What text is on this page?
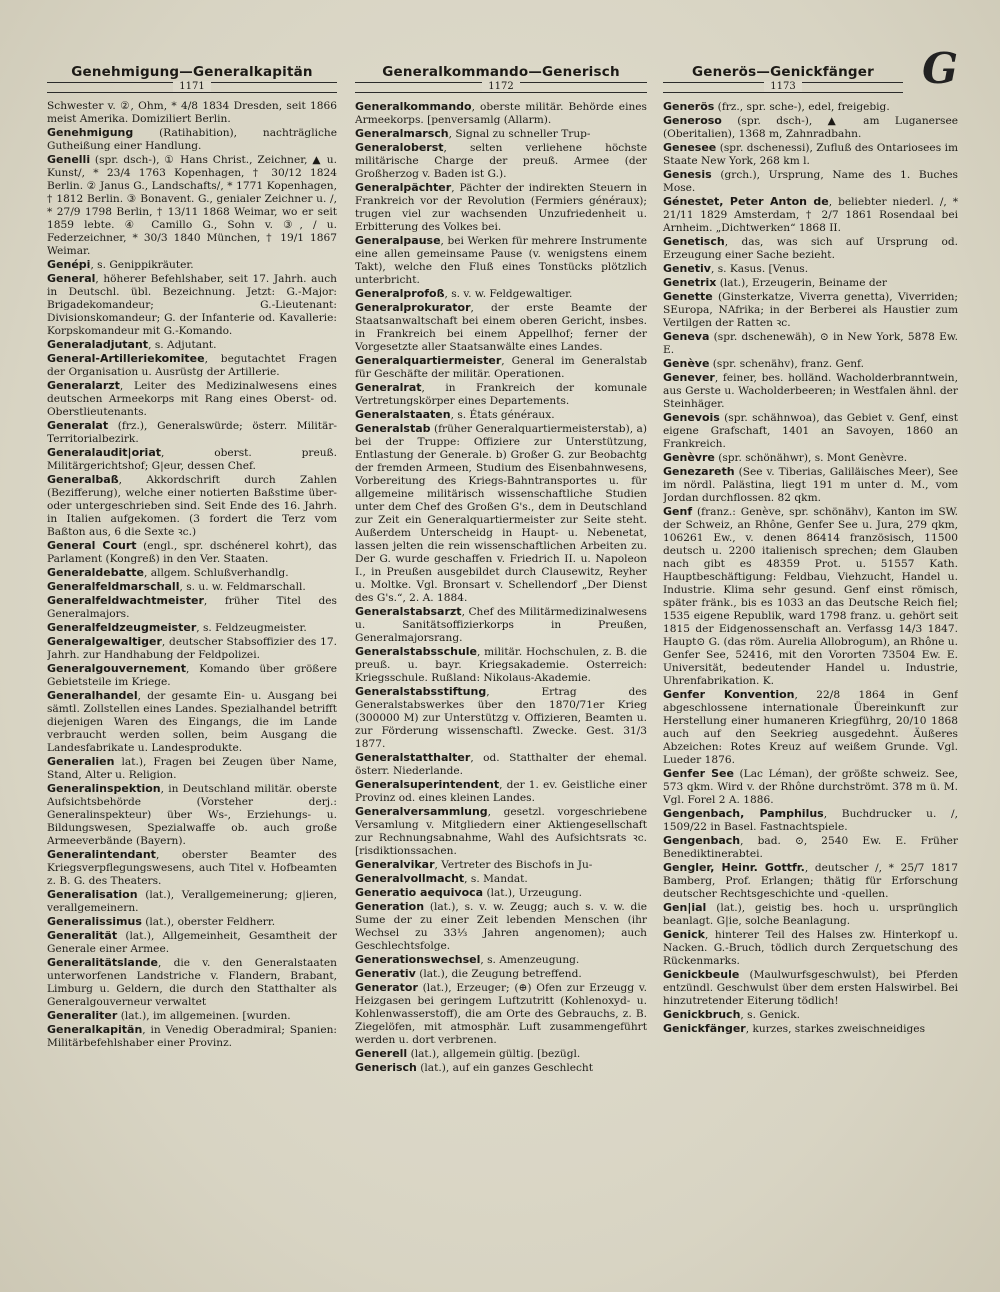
Genehmigung—Generalkapitän
1171
Generalkommando—Generisch
1172
Generös—Genickfänger
1173	G

Schwester v. ②, Ohm, * 4/8 1834 Dresden, seit 1866 meist Amerika. Domiziliert Berlin.

Genehmigung (Ratihabition), nachträgliche Gutheißung einer Handlung.

Genelli (spr. dsch-), ① Hans Christ., Zeichner, ▲ u. Kunst/, * 23/4 1763 Kopenhagen, † 30/12 1824 Berlin. ② Janus G., Landschafts/, * 1771 Kopenhagen, † 1812 Berlin. ③ Bonavent. G., genialer Zeichner u. /, * 27/9 1798 Berlin, † 13/11 1868 Weimar, wo er seit 1859 lebte. ④ Camillo G., Sohn v. ③, / u. Federzeichner, * 30/3 1840 München, † 19/1 1867 Weimar.

Genépi, s. Genippikräuter.

General, höherer Befehlshaber, seit 17. Jahrh. auch in Deutschl. übl. Bezeichnung. Jetzt: G.-Major: Brigadekomandeur; G.-Lieutenant: Divisionskomandeur; G. der Infanterie od. Kavallerie: Korpskomandeur mit G.-Komando.

Generaladjutant, s. Adjutant.

General-Artilleriekomitee, begutachtet Fragen der Organisation u. Ausrüstg der Artillerie.

Generalarzt, Leiter des Medizinalwesens eines deutschen Armeekorps mit Rang eines Oberst- od. Oberstlieutenants.

Generalat (frz.), Generalswürde; österr. Militär-Territorialbezirk.

Generalaudit|oriat, oberst. preuß. Militärgerichtshof; G|eur, dessen Chef.

Generalbaß, Akkordschrift durch Zahlen (Bezifferung), welche einer notierten Baßstime über- oder untergeschrieben sind. Seit Ende des 16. Jahrh. in Italien aufgekomen. (3 fordert die Terz vom Baßton aus, 6 die Sexte ꝛc.)

General Court (engl., spr. dschénerel kohrt), das Parlament (Kongreß) in den Ver. Staaten.

Generaldebatte, allgem. Schlußverhandlg.

Generalfeldmarschall, s. u. w. Feldmarschall.

Generalfeldwachtmeister, früher Titel des Generalmajors.

Generalfeldzeugmeister, s. Feldzeugmeister.

Generalgewaltiger, deutscher Stabsoffizier des 17. Jahrh. zur Handhabung der Feldpolizei.

Generalgouvernement, Komando über größere Gebietsteile im Kriege.

Generalhandel, der gesamte Ein- u. Ausgang bei sämtl. Zollstellen eines Landes. Spezialhandel betrifft diejenigen Waren des Eingangs, die im Lande verbraucht werden sollen, beim Ausgang die Landesfabrikate u. Landesprodukte.

Generalien lat.), Fragen bei Zeugen über Name, Stand, Alter u. Religion.

Generalinspektion, in Deutschland militär. oberste Aufsichtsbehörde (Vorsteher derj.: Generalinspekteur) über Ws-, Erziehungs- u. Bildungswesen, Spezialwaffe ob. auch große Armeeverbände (Bayern).

Generalintendant, oberster Beamter des Kriegsverpflegungswesens, auch Titel v. Hofbeamten z. B. G. des Theaters.

Generalisation (lat.), Verallgemeinerung; g|ieren, verallgemeinern.

Generalissimus (lat.), oberster Feldherr.

Generalität (lat.), Allgemeinheit, Gesamtheit der Generale einer Armee.

Generalitätslande, die v. den Generalstaaten unterworfenen Landstriche v. Flandern, Brabant, Limburg u. Geldern, die durch den Statthalter als Generalgouverneur verwaltet

Generaliter (lat.), im allgemeinen. [wurden.

Generalkapitän, in Venedig Oberadmiral; Spanien: Militärbefehlshaber einer Provinz.

Generalkommando, oberste militär. Behörde eines Armeekorps. [penversamlg (Allarm).

Generalmarsch, Signal zu schneller Trup-

Generaloberst, selten verliehene höchste militärische Charge der preuß. Armee (der Großherzog v. Baden ist G.).

Generalpächter, Pächter der indirekten Steuern in Frankreich vor der Revolution (Fermiers généraux); trugen viel zur wachsenden Unzufriedenheit u. Erbitterung des Volkes bei.

Generalpause, bei Werken für mehrere Instrumente eine allen gemeinsame Pause (v. wenigstens einem Takt), welche den Fluß eines Tonstücks plötzlich unterbricht.

Generalprofoß, s. v. w. Feldgewaltiger.

Generalprokurator, der erste Beamte der Staatsanwaltschaft bei einem oberen Gericht, insbes. in Frankreich bei einem Appellhof; ferner der Vorgesetzte aller Staatsanwälte eines Landes.

Generalquartiermeister, General im Generalstab für Geschäfte der militär. Operationen.

Generalrat, in Frankreich der komunale Vertretungskörper eines Departements.

Generalstaaten, s. États généraux.

Generalstab (früher Generalquartiermeisterstab), a) bei der Truppe: Offiziere zur Unterstützung, Entlastung der Generale. b) Großer G. zur Beobachtg der fremden Armeen, Studium des Eisenbahnwesens, Vorbereitung des Kriegs-Bahntransportes u. für allgemeine militärisch wissenschaftliche Studien unter dem Chef des Großen G's., dem in Deutschland zur Zeit ein Generalquartiermeister zur Seite steht. Außerdem Unterscheidg in Haupt- u. Nebenetat, lassen jelten die rein wissenschaftlichen Arbeiten zu. Der G. wurde geschaffen v. Friedrich II. u. Napoleon I., in Preußen ausgebildet durch Clausewitz, Reyher u. Moltke. Vgl. Bronsart v. Schellendorf „Der Dienst des G's.“, 2. A. 1884.

Generalstabsarzt, Chef des Militärmedizinalwesens u. Sanitätsoffizierkorps in Preußen, Generalmajorsrang.

Generalstabsschule, militär. Hochschulen, z. B. die preuß. u. bayr. Kriegsakademie. Osterreich: Kriegsschule. Rußland: Nikolaus-Akademie.

Generalstabsstiftung, Ertrag des Generalstabswerkes über den 1870/71er Krieg (300000 M) zur Unterstützg v. Offizieren, Beamten u. zur Förderung wissenschaftl. Zwecke. Gest. 31/3 1877.

Generalstatthalter, od. Statthalter der ehemal. österr. Niederlande.

Generalsuperintendent, der 1. ev. Geistliche einer Provinz od. eines kleinen Landes.

Generalversammlung, gesetzl. vorgeschriebene Versamlung v. Mitgliedern einer Aktiengesellschaft zur Rechnungsabnahme, Wahl des Aufsichtsrats ꝛc. [risdiktionssachen.

Generalvikar, Vertreter des Bischofs in Ju-

Generalvollmacht, s. Mandat.

Generatio aequivoca (lat.), Urzeugung.

Generation (lat.), s. v. w. Zeugg; auch s. v. w. die Sume der zu einer Zeit lebenden Menschen (ihr Wechsel zu 33⅓ Jahren angenomen); auch Geschlechtsfolge.

Generationswechsel, s. Amenzeugung.

Generativ (lat.), die Zeugung betreffend.

Generator (lat.), Erzeuger; (⊕) Ofen zur Erzeugg v. Heizgasen bei geringem Luftzutritt (Kohlenoxyd- u. Kohlenwasserstoff), die am Orte des Gebrauchs, z. B. Ziegelöfen, mit atmosphär. Luft zusammengeführt werden u. dort verbrenen.

Generell (lat.), allgemein gültig. [bezügl.

Generisch (lat.), auf ein ganzes Geschlecht

Generös (frz., spr. sche-), edel, freigebig.

Generoso (spr. dsch-), ▲ am Luganersee (Oberitalien), 1368 m, Zahnradbahn.

Genesee (spr. dschenessi), Zufluß des Ontariosees im Staate New York, 268 km l.

Genesis (grch.), Ursprung, Name des 1. Buches Mose.

Génestet, Peter Anton de, beliebter niederl. /, * 21/11 1829 Amsterdam, † 2/7 1861 Rosendaal bei Arnheim. „Dichtwerken“ 1868 II.

Genetisch, das, was sich auf Ursprung od. Erzeugung einer Sache bezieht.

Genetiv, s. Kasus. [Venus.

Genetrix (lat.), Erzeugerin, Beiname der

Genette (Ginsterkatze, Viverra genetta), Viverriden; SEuropa, NAfrika; in der Berberei als Haustier zum Vertilgen der Ratten ꝛc.

Geneva (spr. dschenewäh), ⊙ in New York, 5878 Ew. E.

Genève (spr. schenähv), franz. Genf.

Genever, feiner, bes. holländ. Wacholderbranntwein, aus Gerste u. Wacholderbeeren; in Westfalen ähnl. der Steinhäger.

Genevois (spr. schähnwoa), das Gebiet v. Genf, einst eigene Grafschaft, 1401 an Savoyen, 1860 an Frankreich.

Genèvre (spr. schönähwr), s. Mont Genèvre.

Genezareth (See v. Tiberias, Galiläisches Meer), See im nördl. Palästina, liegt 191 m unter d. M., vom Jordan durchflossen. 82 qkm.

Genf (franz.: Genève, spr. schönähv), Kanton im SW. der Schweiz, an Rhône, Genfer See u. Jura, 279 qkm, 106261 Ew., v. denen 86414 französisch, 11500 deutsch u. 2200 italienisch sprechen; dem Glauben nach gibt es 48359 Prot. u. 51557 Kath. Hauptbeschäftigung: Feldbau, Viehzucht, Handel u. Industrie. Klima sehr gesund. Genf einst römisch, später fränk., bis es 1033 an das Deutsche Reich fiel; 1535 eigene Republik, ward 1798 franz. u. gehört seit 1815 der Eidgenossenschaft an. Verfassg 14/3 1847. Haupt⊙ G. (das röm. Aurelia Allobrogum), an Rhône u. Genfer See, 52416, mit den Vororten 73504 Ew. E. Universität, bedeutender Handel u. Industrie, Uhrenfabrikation. K.

Genfer Konvention, 22/8 1864 in Genf abgeschlossene internationale Übereinkunft zur Herstellung einer humaneren Kriegführg, 20/10 1868 auch auf den Seekrieg ausgedehnt. Äußeres Abzeichen: Rotes Kreuz auf weißem Grunde. Vgl. Lueder 1876.

Genfer See (Lac Léman), der größte schweiz. See, 573 qkm. Wird v. der Rhône durchströmt. 378 m ü. M. Vgl. Forel 2 A. 1886.

Gengenbach, Pamphilus, Buchdrucker u. /, 1509/22 in Basel. Fastnachtspiele.

Gengenbach, bad. ⊙, 2540 Ew. E. Früher Benediktinerabtei.

Gengler, Heinr. Gottfr., deutscher /, * 25/7 1817 Bamberg, Prof. Erlangen; thätig für Erforschung deutscher Rechtsgeschichte und -quellen.

Gen|ial (lat.), geistig bes. hoch u. ursprünglich beanlagt. G|ie, solche Beanlagung.

Genick, hinterer Teil des Halses zw. Hinterkopf u. Nacken. G.-Bruch, tödlich durch Zerquetschung des Rückenmarks.

Genickbeule (Maulwurfsgeschwulst), bei Pferden entzündl. Geschwulst über dem ersten Halswirbel. Bei hinzutretender Eiterung tödlich!

Genickbruch, s. Genick.

Genickfänger, kurzes, starkes zweischneidiges
